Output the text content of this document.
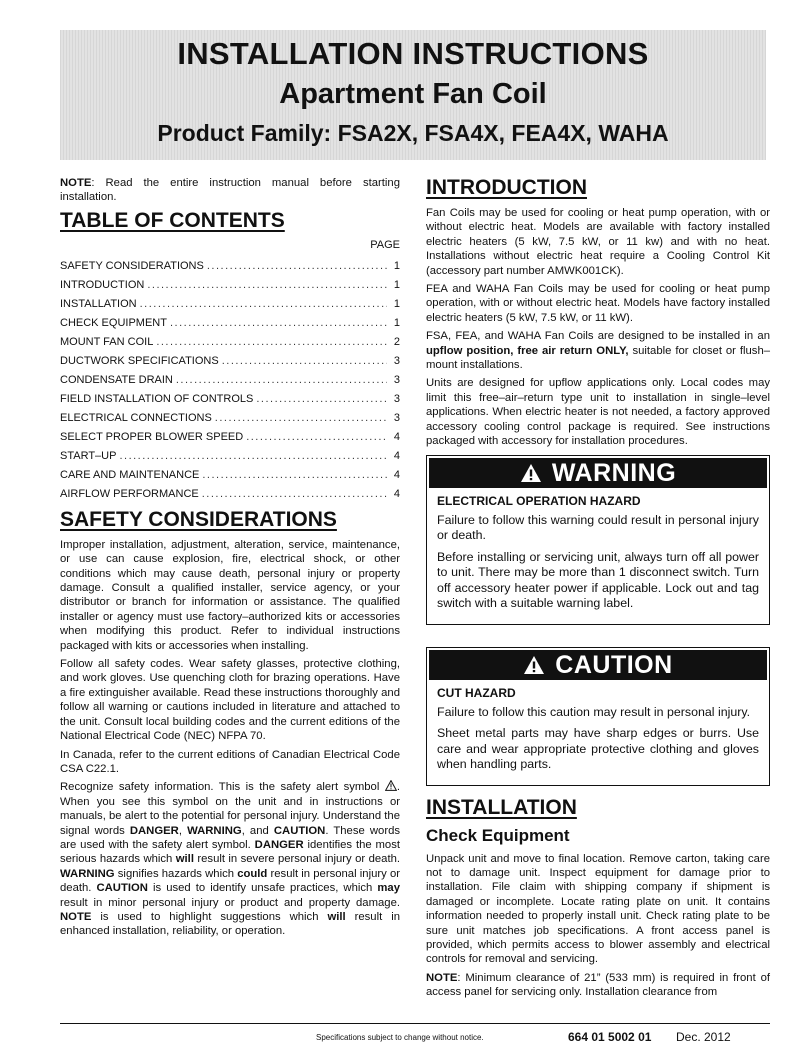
INSTALLATION INSTRUCTIONS
Apartment Fan Coil
Product Family: FSA2X, FSA4X, FEA4X, WAHA

NOTE: Read the entire instruction manual before starting installation.

TABLE OF CONTENTS
PAGE
SAFETY CONSIDERATIONS .....	1
INTRODUCTION .....	1
INSTALLATION .....	1
CHECK EQUIPMENT .....	1
MOUNT FAN COIL .....	2
DUCTWORK SPECIFICATIONS .....	3
CONDENSATE DRAIN .....	3
FIELD INSTALLATION OF CONTROLS .....	3
ELECTRICAL CONNECTIONS .....	3
SELECT PROPER BLOWER SPEED .....	4
START–UP .....	4
CARE AND MAINTENANCE .....	4
AIRFLOW PERFORMANCE .....	4
SAFETY CONSIDERATIONS

Improper installation, adjustment, alteration, service, maintenance, or use can cause explosion, fire, electrical shock, or other conditions which may cause death, personal injury or property damage. Consult a qualified installer, service agency, or your distributor or branch for information or assistance. The qualified installer or agency must use factory–authorized kits or accessories when modifying this product. Refer to individual instructions packaged with kits or accessories when installing.

Follow all safety codes. Wear safety glasses, protective clothing, and work gloves. Use quenching cloth for brazing operations. Have a fire extinguisher available. Read these instructions thoroughly and follow all warning or cautions included in literature and attached to the unit. Consult local building codes and the current editions of the National Electrical Code (NEC) NFPA 70.

In Canada, refer to the current editions of Canadian Electrical Code CSA C22.1.

Recognize safety information. This is the safety alert symbol . When you see this symbol on the unit and in instructions or manuals, be alert to the potential for personal injury. Understand the signal words DANGER, WARNING, and CAUTION. These words are used with the safety alert symbol. DANGER identifies the most serious hazards which will result in severe personal injury or death. WARNING signifies hazards which could result in personal injury or death. CAUTION is used to identify unsafe practices, which may result in minor personal injury or product and property damage. NOTE is used to highlight suggestions which will result in enhanced installation, reliability, or operation.

INTRODUCTION

Fan Coils may be used for cooling or heat pump operation, with or without electric heat. Models are available with factory installed electric heaters (5 kW, 7.5 kW, or 11 kw) and with no heat. Installations without electric heat require a Cooling Control Kit (accessory part number AMWK001CK).

FEA and WAHA Fan Coils may be used for cooling or heat pump operation, with or without electric heat. Models have factory installed electric heaters (5 kW, 7.5 kW, or 11 kW).

FSA, FEA, and WAHA Fan Coils are designed to be installed in an upflow position, free air return ONLY, suitable for closet or flush–mount installations.

Units are designed for upflow applications only. Local codes may limit this free–air–return type unit to installation in single–level applications. When electric heater is not needed, a factory approved accessory cooling control package is required. See instructions packaged with accessory for installation procedures.

WARNING
ELECTRICAL OPERATION HAZARD

Failure to follow this warning could result in personal injury or death.

Before installing or servicing unit, always turn off all power to unit. There may be more than 1 disconnect switch. Turn off accessory heater power if applicable. Lock out and tag switch with a suitable warning label.

CAUTION
CUT HAZARD

Failure to follow this caution may result in personal injury.

Sheet metal parts may have sharp edges or burrs. Use care and wear appropriate protective clothing and gloves when handling parts.

INSTALLATION
Check Equipment

Unpack unit and move to final location. Remove carton, taking care not to damage unit. Inspect equipment for damage prior to installation. File claim with shipping company if shipment is damaged or incomplete. Locate rating plate on unit. It contains information needed to properly install unit. Check rating plate to be sure unit matches job specifications. A front access panel is provided, which permits access to blower assembly and electrical controls for removal and servicing.

NOTE: Minimum clearance of 21” (533 mm) is required in front of access panel for servicing only. Installation clearance from

Specifications subject to change without notice.	664 01 5002 01 Dec. 2012
